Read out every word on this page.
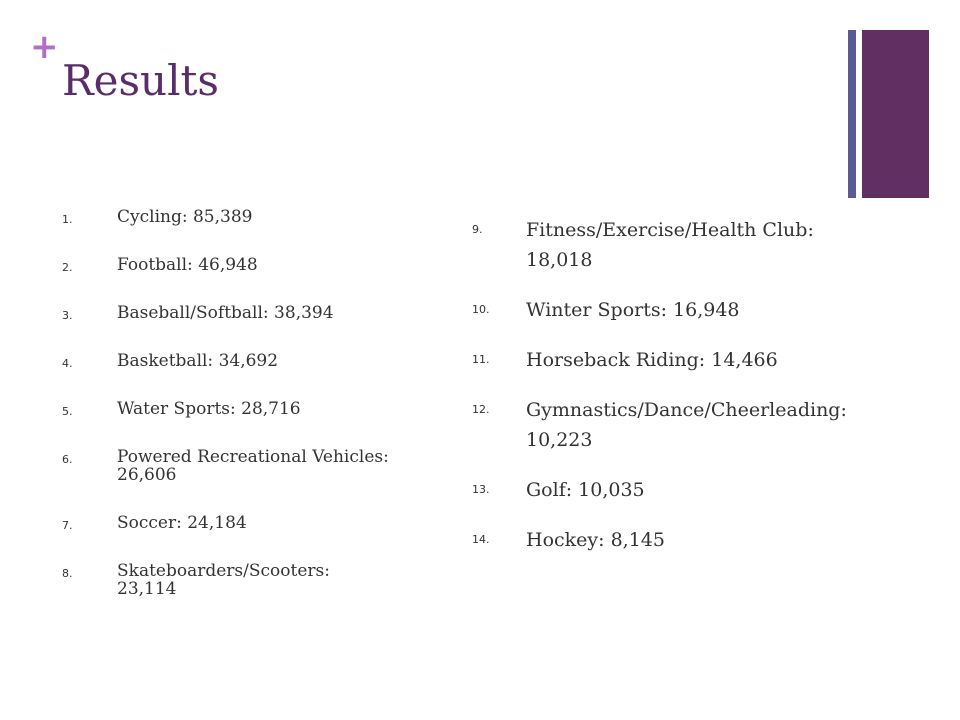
+
Results
1.	Cycling: 85,389
2.	Football: 46,948
3.	Baseball/Softball: 38,394
4.	Basketball: 34,692
5.	Water Sports: 28,716
6.	Powered Recreational Vehicles: 26,606
7.	Soccer: 24,184
8.	Skateboarders/Scooters: 23,114
9.	Fitness/Exercise/Health Club: 18,018
10.	Winter Sports: 16,948
11.	Horseback Riding: 14,466
12.	Gymnastics/Dance/Cheerleading: 10,223
13.	Golf: 10,035
14.	Hockey: 8,145
